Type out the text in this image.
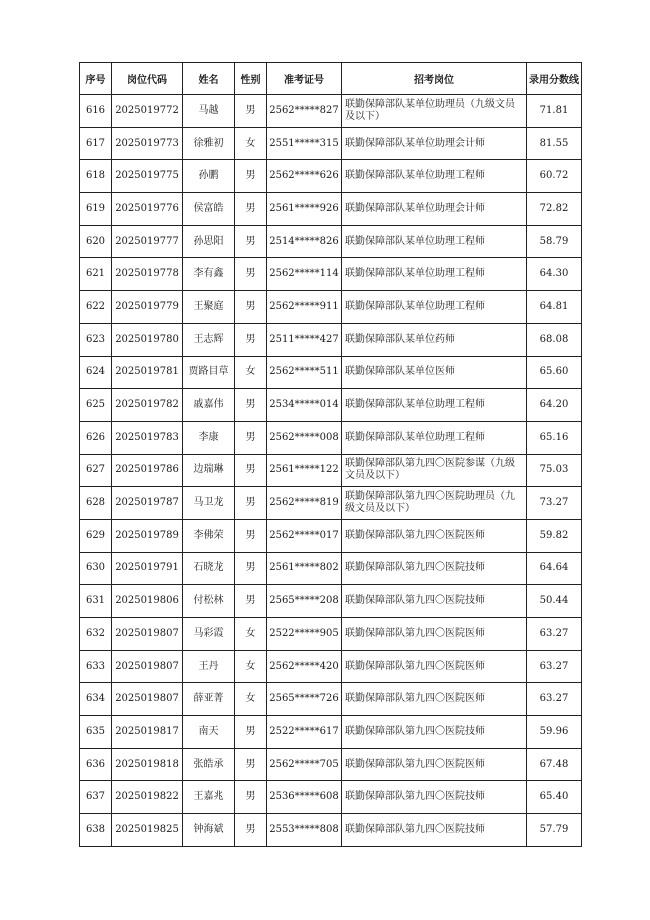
序号	岗位代码	姓名	性别	准考证号	招考岗位	录用分数线
616	2025019772	马越	男	2562*****827	联勤保障部队某单位助理员（九级文员及以下）	71.81
617	2025019773	徐雅初	女	2551*****315	联勤保障部队某单位助理会计师	81.55
618	2025019775	孙鹏	男	2562*****626	联勤保障部队某单位助理工程师	60.72
619	2025019776	侯富皓	男	2561*****926	联勤保障部队某单位助理会计师	72.82
620	2025019777	孙思阳	男	2514*****826	联勤保障部队某单位助理工程师	58.79
621	2025019778	李有鑫	男	2562*****114	联勤保障部队某单位助理工程师	64.30
622	2025019779	王聚庭	男	2562*****911	联勤保障部队某单位助理工程师	64.81
623	2025019780	王志辉	男	2511*****427	联勤保障部队某单位药师	68.08
624	2025019781	贾路目草	女	2562*****511	联勤保障部队某单位医师	65.60
625	2025019782	戚嘉伟	男	2534*****014	联勤保障部队某单位助理工程师	64.20
626	2025019783	李康	男	2562*****008	联勤保障部队某单位助理工程师	65.16
627	2025019786	边瑞琳	男	2561*****122	联勤保障部队第九四〇医院参谋（九级文员及以下）	75.03
628	2025019787	马卫龙	男	2562*****819	联勤保障部队第九四〇医院助理员（九级文员及以下）	73.27
629	2025019789	李佛荣	男	2562*****017	联勤保障部队第九四〇医院医师	59.82
630	2025019791	石晓龙	男	2561*****802	联勤保障部队第九四〇医院技师	64.64
631	2025019806	付松林	男	2565*****208	联勤保障部队第九四〇医院技师	50.44
632	2025019807	马彩霞	女	2522*****905	联勤保障部队第九四〇医院医师	63.27
633	2025019807	王丹	女	2562*****420	联勤保障部队第九四〇医院医师	63.27
634	2025019807	薛亚菁	女	2565*****726	联勤保障部队第九四〇医院医师	63.27
635	2025019817	南天	男	2522*****617	联勤保障部队第九四〇医院技师	59.96
636	2025019818	张皓承	男	2562*****705	联勤保障部队第九四〇医院医师	67.48
637	2025019822	王嘉兆	男	2536*****608	联勤保障部队第九四〇医院技师	65.40
638	2025019825	钟海斌	男	2553*****808	联勤保障部队第九四〇医院技师	57.79
